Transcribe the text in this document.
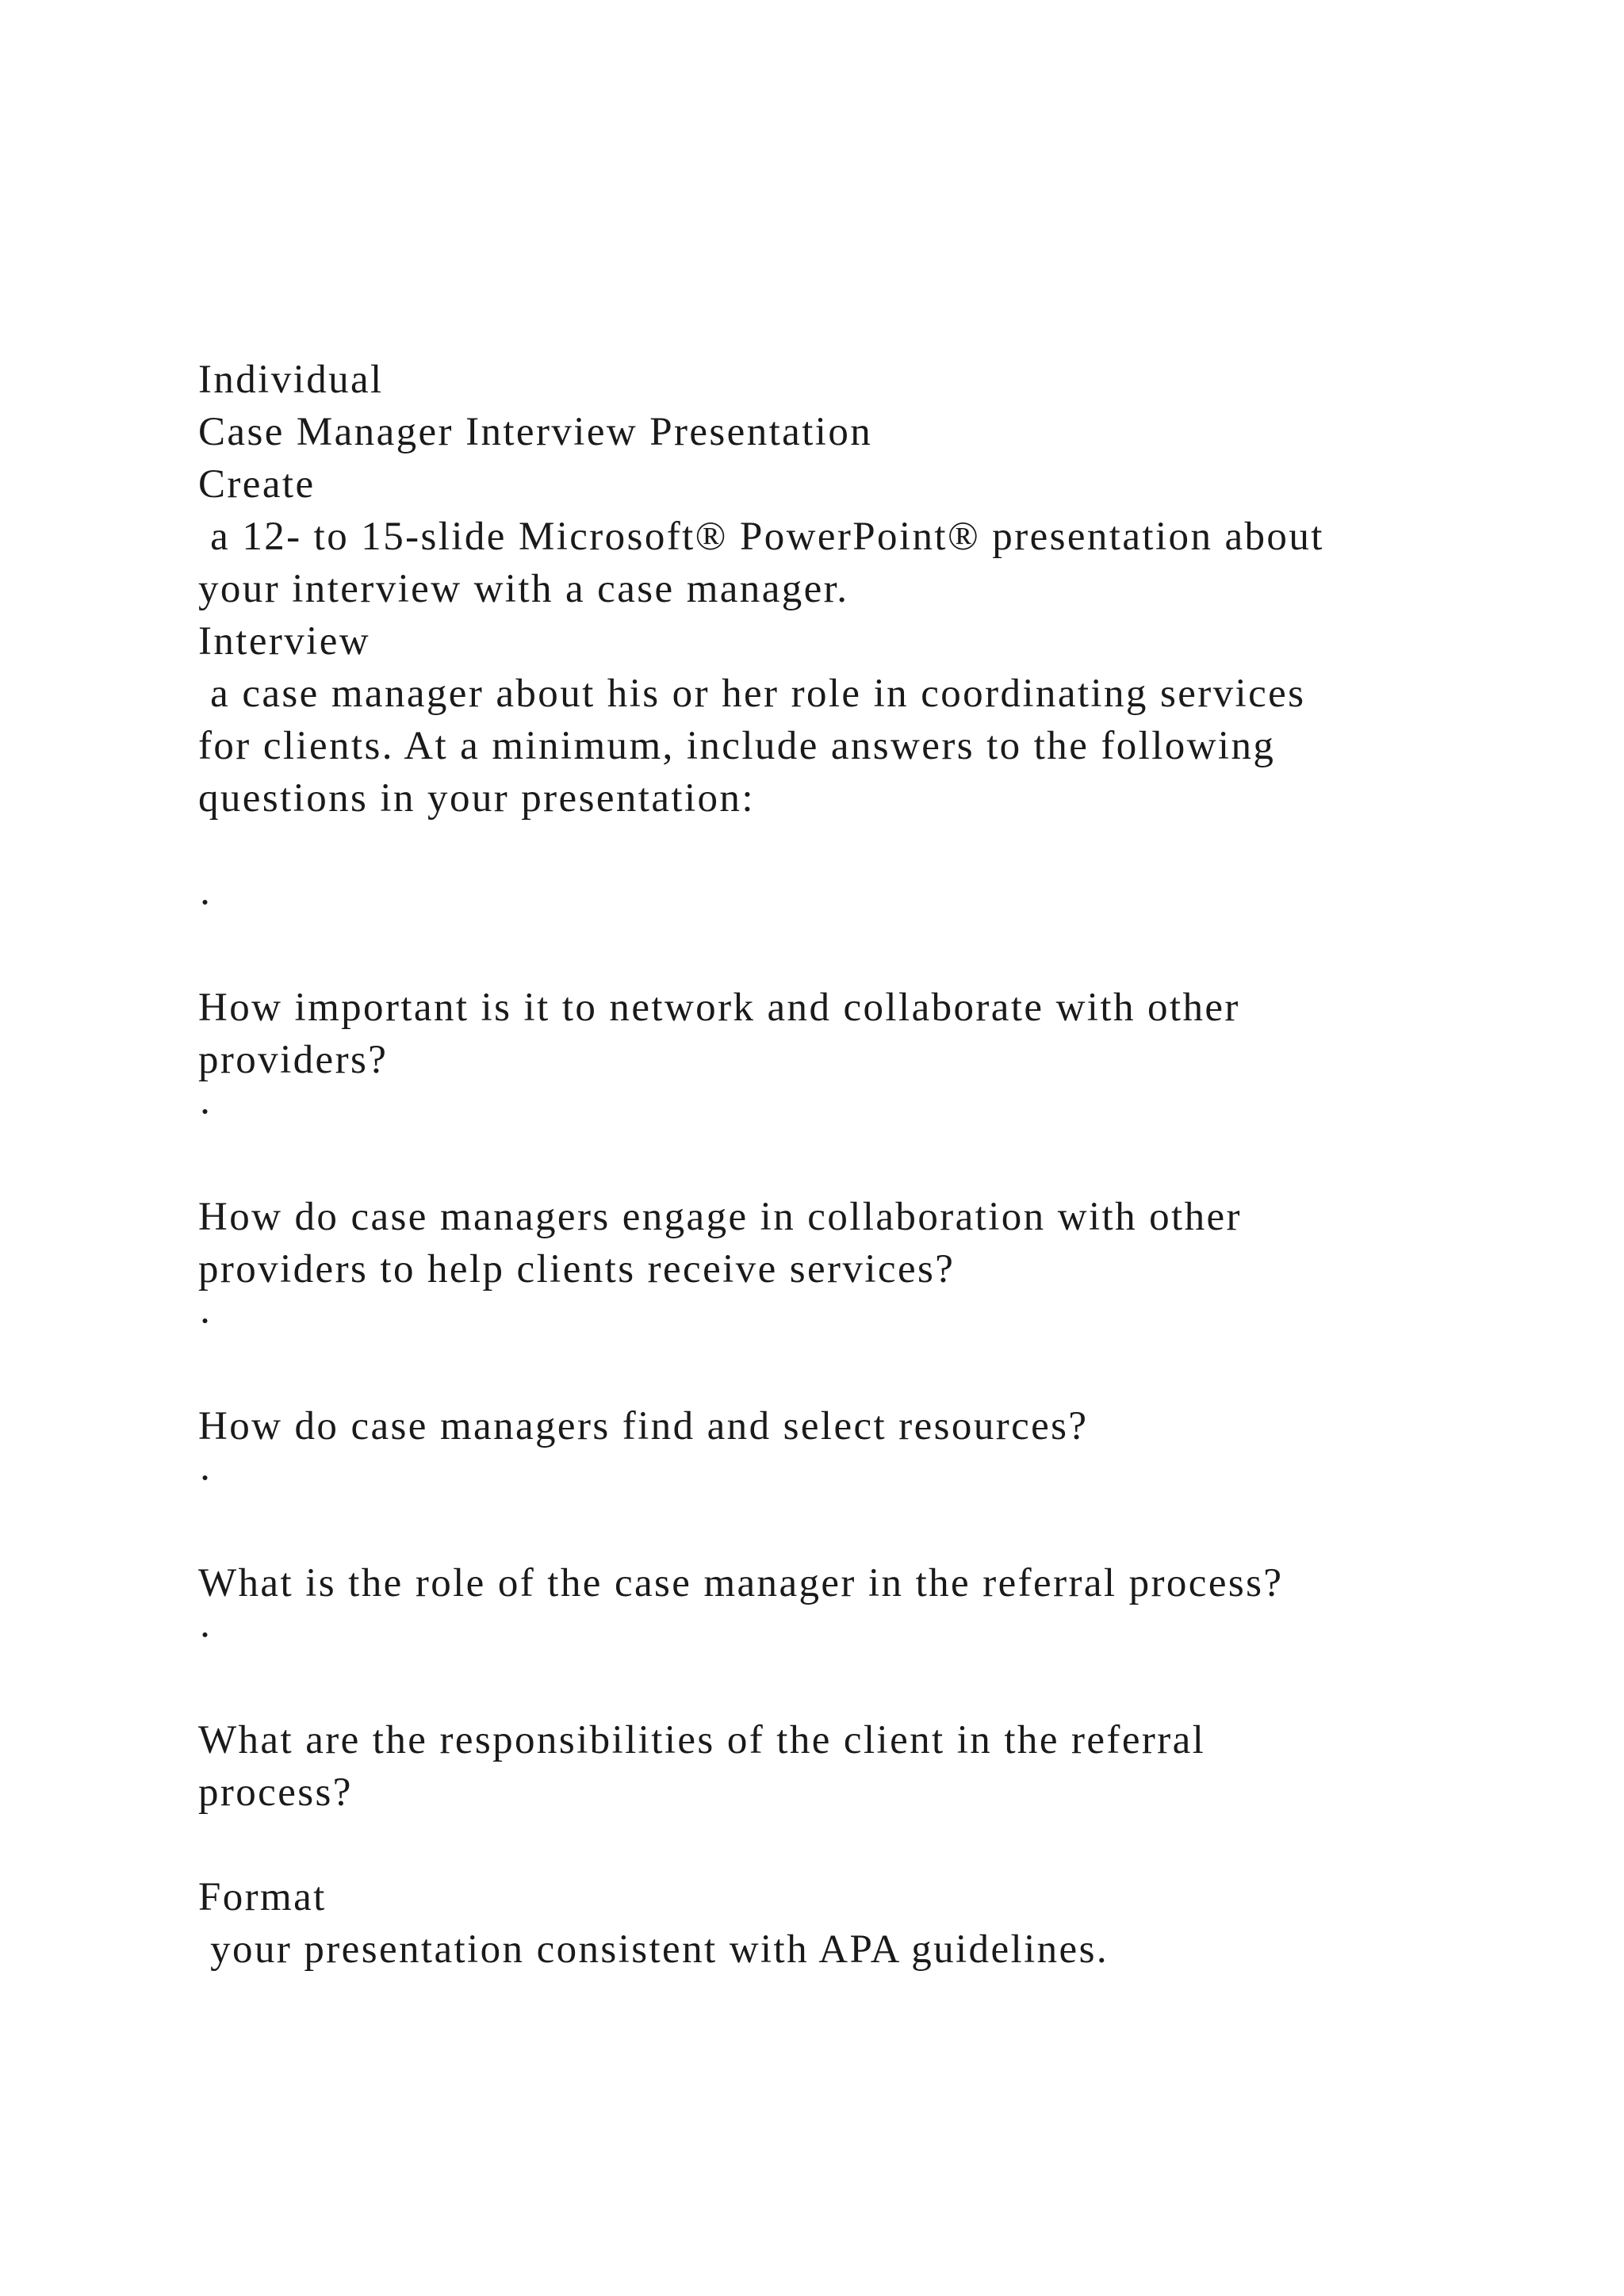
Individual
Case Manager Interview Presentation
Create
a 12- to 15-slide Microsoft® PowerPoint® presentation about
your interview with a case manager.
Interview
a case manager about his or her role in coordinating services
for clients. At a minimum, include answers to the following
questions in your presentation:
·
How important is it to network and collaborate with other
providers?
·
How do case managers engage in collaboration with other
providers to help clients receive services?
·
How do case managers find and select resources?
·
What is the role of the case manager in the referral process?
·
What are the responsibilities of the client in the referral
process?
Format
your presentation consistent with APA guidelines.
